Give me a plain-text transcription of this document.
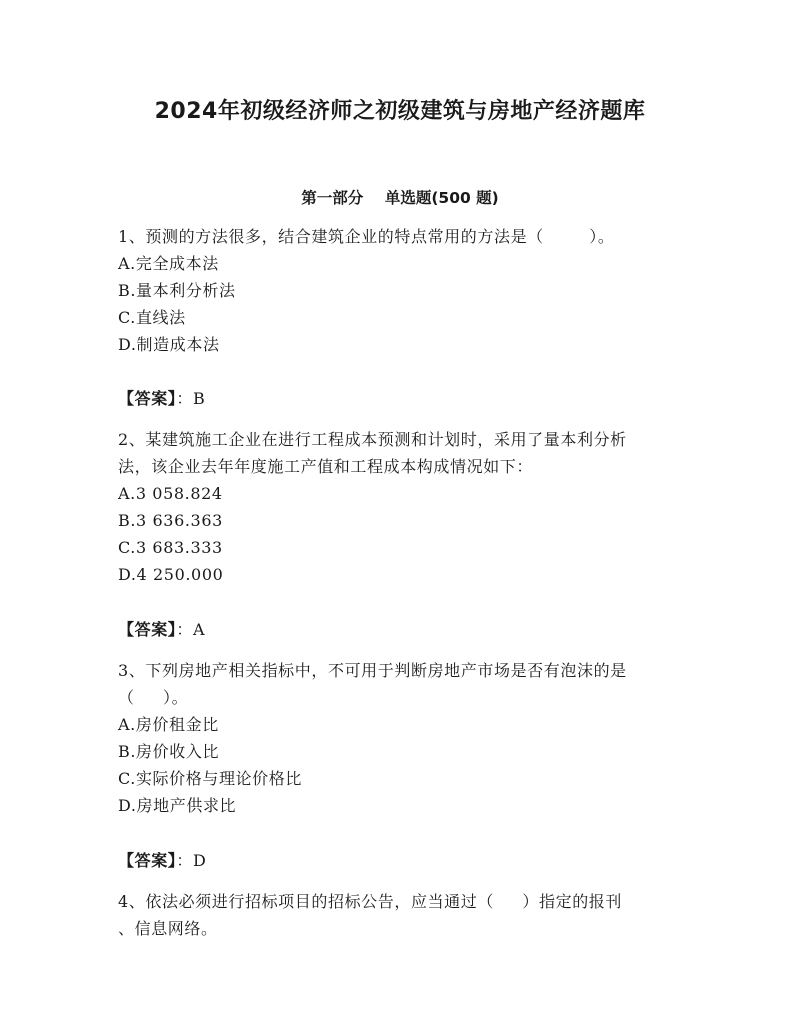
2024年初级经济师之初级建筑与房地产经济题库
第一部分    单选题(500 题)
1、预测的方法很多，结合建筑企业的特点常用的方法是（        ）。
A.完全成本法
B.量本利分析法
C.直线法
D.制造成本法
【答案】：B
2、某建筑施工企业在进行工程成本预测和计划时，采用了量本利分析
法，该企业去年年度施工产值和工程成本构成情况如下：
A.3 058.824
B.3 636.363
C.3 683.333
D.4 250.000
【答案】：A
3、下列房地产相关指标中，不可用于判断房地产市场是否有泡沫的是
（     ）。
A.房价租金比
B.房价收入比
C.实际价格与理论价格比
D.房地产供求比
【答案】：D
4、依法必须进行招标项目的招标公告，应当通过（     ）指定的报刊
、信息网络。
